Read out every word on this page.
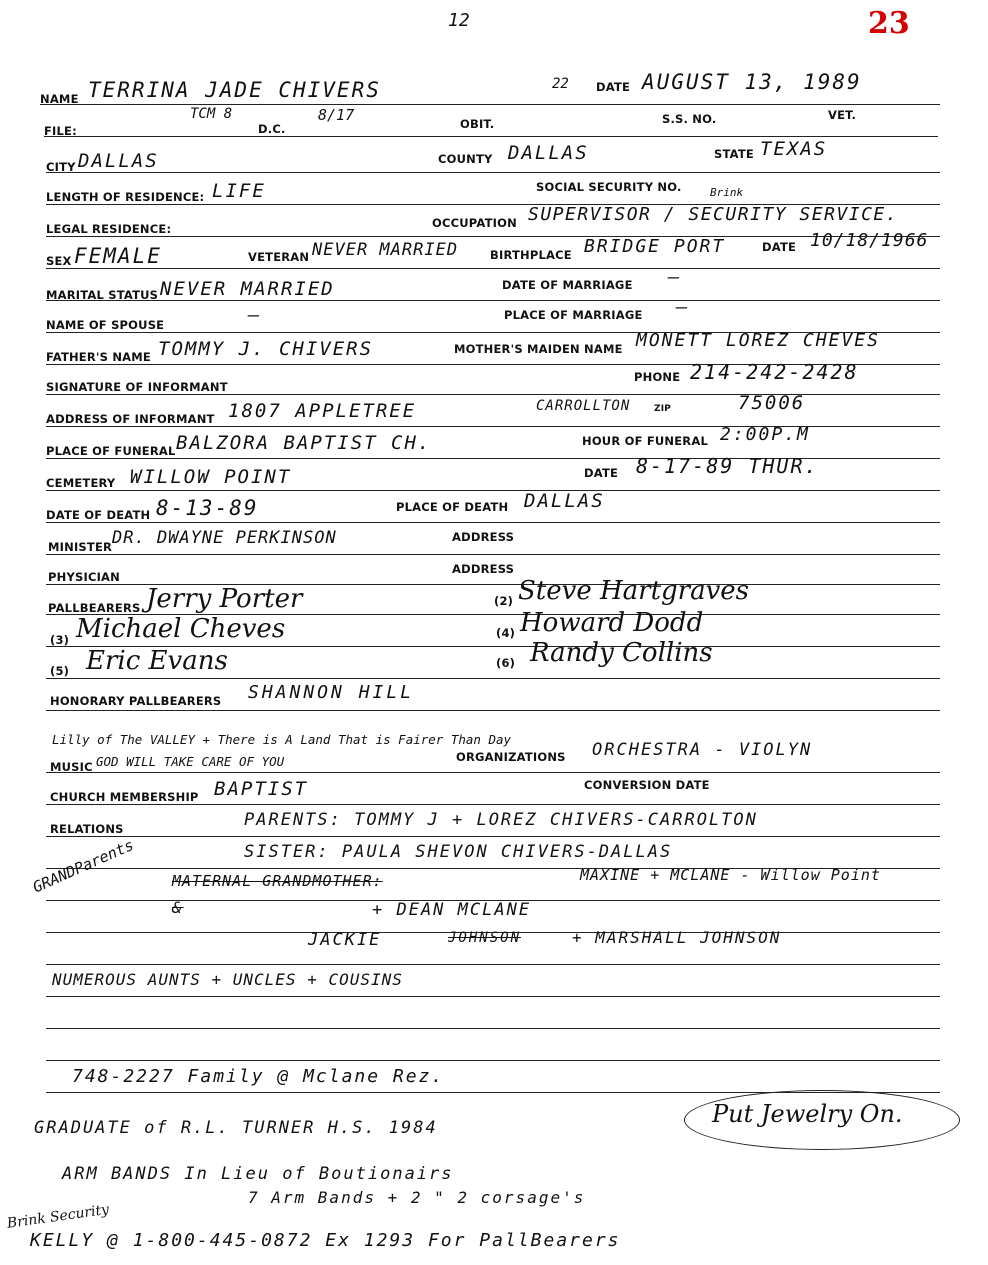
12	23
NAME TERRINA JADE CHIVERS	22 DATE AUGUST 13, 1989
FILE:
TCM 8
D.C.
8/17	OBIT.	S.S. NO.	VET.
CITY DALLAS	COUNTY DALLAS	STATE TEXAS
LENGTH OF RESIDENCE: LIFE	SOCIAL SECURITY NO.	Brink
LEGAL RESIDENCE:	OCCUPATION SUPERVISOR / SECURITY SERVICE.
SEX FEMALE	VETERAN NEVER MARRIED	BIRTHPLACE BRIDGE PORT	DATE 10/18/1966
MARITAL STATUS NEVER MARRIED	DATE OF MARRIAGE —
NAME OF SPOUSE	—	PLACE OF MARRIAGE —
FATHER'S NAME TOMMY J. CHIVERS	MOTHER'S MAIDEN NAME MONETT LOREZ CHEVES
SIGNATURE OF INFORMANT
PHONE 214-242-2428
ADDRESS OF INFORMANT 1807 APPLETREE	CARROLLTON	ZIP	75006
PLACE OF FUNERAL BALZORA BAPTIST CH.	HOUR OF FUNERAL 2:00P.M
CEMETERY WILLOW POINT	DATE 8-17-89 THUR.
DATE OF DEATH 8-13-89	PLACE OF DEATH DALLAS
MINISTER DR. DWAYNE PERKINSON	ADDRESS
PHYSICIAN
ADDRESS
PALLBEARERS Jerry Porter	(2) Steve Hartgraves
(3) Michael Cheves	(4) Howard Dodd
(5) Eric Evans	(6) Randy Collins
HONORARY PALLBEARERS SHANNON HILL
Lilly of The VALLEY + There is A Land That is Fairer Than Day
MUSIC GOD WILL TAKE CARE OF YOU	ORGANIZATIONS ORCHESTRA - VIOLYN
CHURCH MEMBERSHIP BAPTIST	CONVERSION DATE
RELATIONS	PARENTS: TOMMY J + LOREZ CHIVERS-CARROLTON
SISTER: PAULA SHEVON CHIVERS-DALLAS
GRANDParents MATERNAL GRANDMOTHER:	MAXINE + MCLANE - Willow Point
&	+ DEAN MCLANE
JACKIE	JOHNSON	+ MARSHALL JOHNSON
NUMEROUS AUNTS + UNCLES + COUSINS
748-2227 Family @ Mclane Rez.
GRADUATE of R.L. TURNER H.S. 1984	Put Jewelry On.
ARM BANDS In Lieu of Boutionairs
7 Arm Bands + 2 " 2 corsage's
Brink Security
KELLY @ 1-800-445-0872 Ex 1293 For PallBearers
